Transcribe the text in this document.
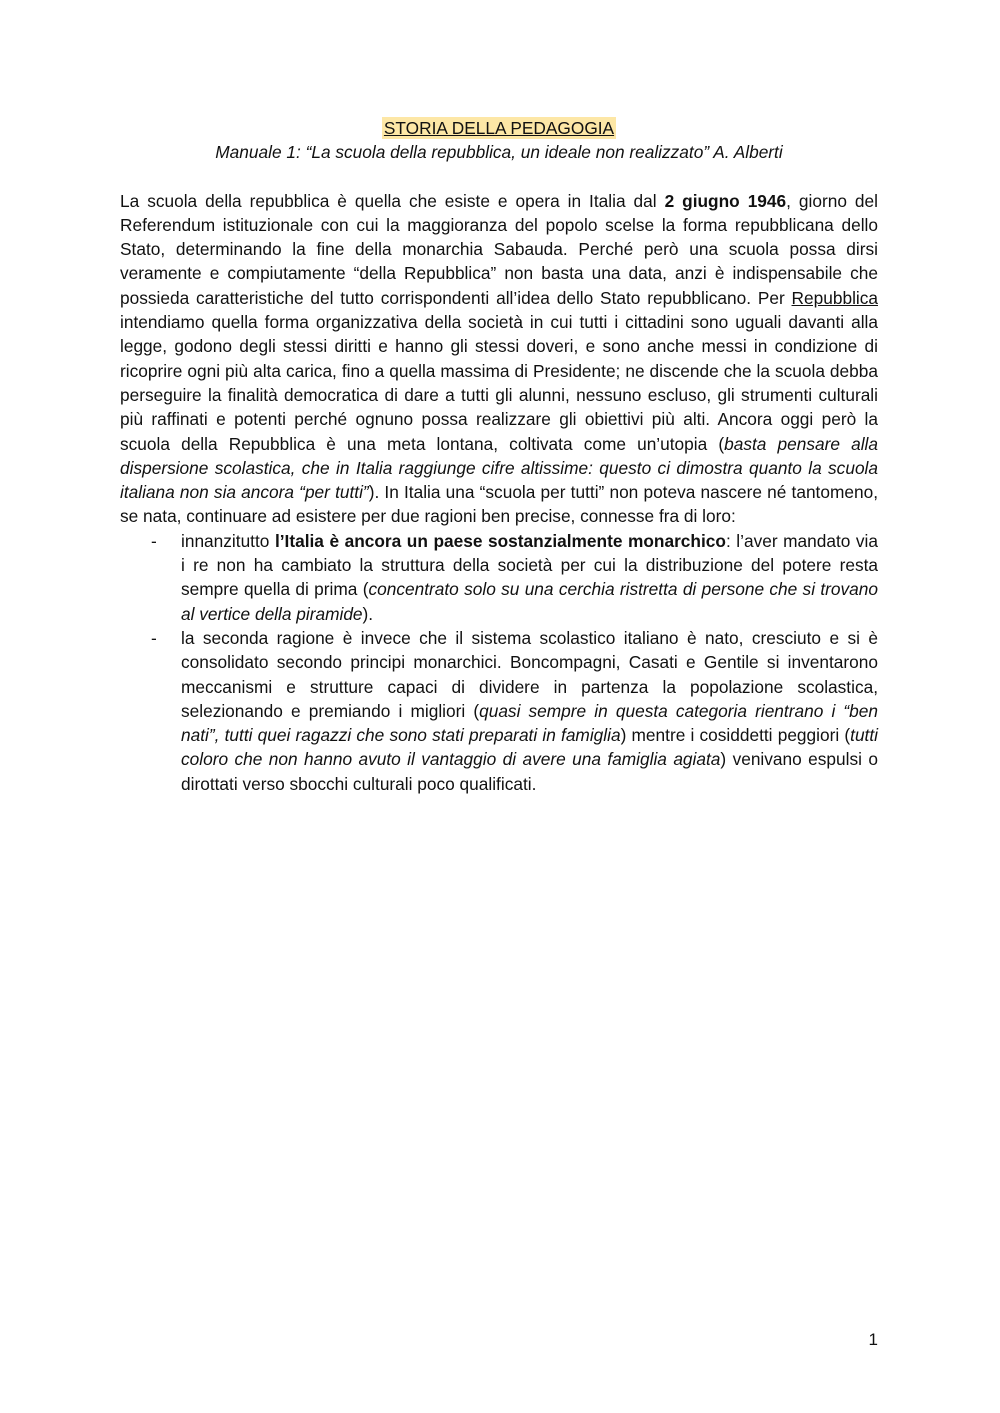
STORIA DELLA PEDAGOGIA
Manuale 1: “La scuola della repubblica, un ideale non realizzato” A. Alberti

La scuola della repubblica è quella che esiste e opera in Italia dal 2 giugno 1946, giorno del Referendum istituzionale con cui la maggioranza del popolo scelse la forma repubblicana dello Stato, determinando la fine della monarchia Sabauda. Perché però una scuola possa dirsi veramente e compiutamente “della Repubblica” non basta una data, anzi è indispensabile che possieda caratteristiche del tutto corrispondenti all’idea dello Stato repubblicano. Per Repubblica intendiamo quella forma organizzativa della società in cui tutti i cittadini sono uguali davanti alla legge, godono degli stessi diritti e hanno gli stessi doveri, e sono anche messi in condizione di ricoprire ogni più alta carica, fino a quella massima di Presidente; ne discende che la scuola debba perseguire la finalità democratica di dare a tutti gli alunni, nessuno escluso, gli strumenti culturali più raffinati e potenti perché ognuno possa realizzare gli obiettivi più alti. Ancora oggi però la scuola della Repubblica è una meta lontana, coltivata come un’utopia (basta pensare alla dispersione scolastica, che in Italia raggiunge cifre altissime: questo ci dimostra quanto la scuola italiana non sia ancora “per tutti”). In Italia una “scuola per tutti” non poteva nascere né tantomeno, se nata, continuare ad esistere per due ragioni ben precise, connesse fra di loro:

- innanzitutto l’Italia è ancora un paese sostanzialmente monarchico: l’aver mandato via i re non ha cambiato la struttura della società per cui la distribuzione del potere resta sempre quella di prima (concentrato solo su una cerchia ristretta di persone che si trovano al vertice della piramide).
- la seconda ragione è invece che il sistema scolastico italiano è nato, cresciuto e si è consolidato secondo principi monarchici. Boncompagni, Casati e Gentile si inventarono meccanismi e strutture capaci di dividere in partenza la popolazione scolastica, selezionando e premiando i migliori (quasi sempre in questa categoria rientrano i “ben nati”, tutti quei ragazzi che sono stati preparati in famiglia) mentre i cosiddetti peggiori (tutti coloro che non hanno avuto il vantaggio di avere una famiglia agiata) venivano espulsi o dirottati verso sbocchi culturali poco qualificati.
1
